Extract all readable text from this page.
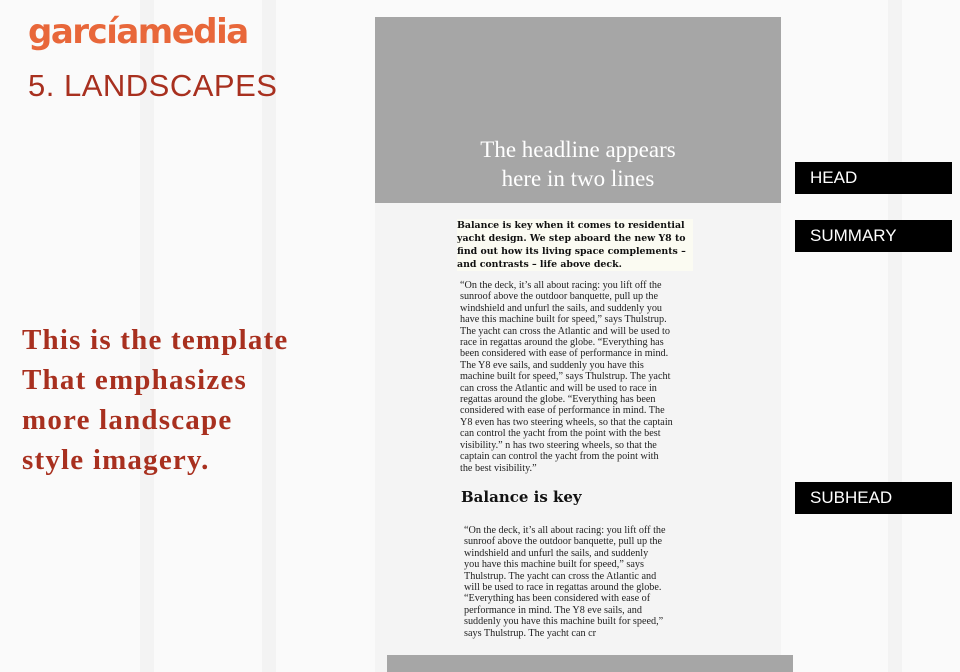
garcíamedia
5. LANDSCAPES
This is the template
That emphasizes
more landscape
style imagery.
The headline appears
here in two lines
Balance is key when it comes to residential yacht design. We step aboard the new Y8 to find out how its living space complements – and contrasts – life above deck.
“On the deck, it’s all about racing: you lift off the
sunroof above the outdoor banquette, pull up the
windshield and unfurl the sails, and suddenly you
have this machine built for speed,” says Thulstrup.
The yacht can cross the Atlantic and will be used to
race in regattas around the globe. “Everything has
been considered with ease of performance in mind.
The Y8 eve sails, and suddenly you have this
machine built for speed,” says Thulstrup. The yacht
can cross the Atlantic and will be used to race in
regattas around the globe. “Everything has been
considered with ease of performance in mind. The
Y8 even has two steering wheels, so that the captain
can control the yacht from the point with the best
visibility.” n has two steering wheels, so that the
captain can control the yacht from the point with
the best visibility.”
Balance is key
“On the deck, it’s all about racing: you lift off the
sunroof above the outdoor banquette, pull up the
windshield and unfurl the sails, and suddenly
you have this machine built for speed,” says
Thulstrup. The yacht can cross the Atlantic and
will be used to race in regattas around the globe.
“Everything has been considered with ease of
performance in mind. The Y8 eve sails, and
suddenly you have this machine built for speed,”
says Thulstrup. The yacht can cr
HEAD
SUMMARY
SUBHEAD
